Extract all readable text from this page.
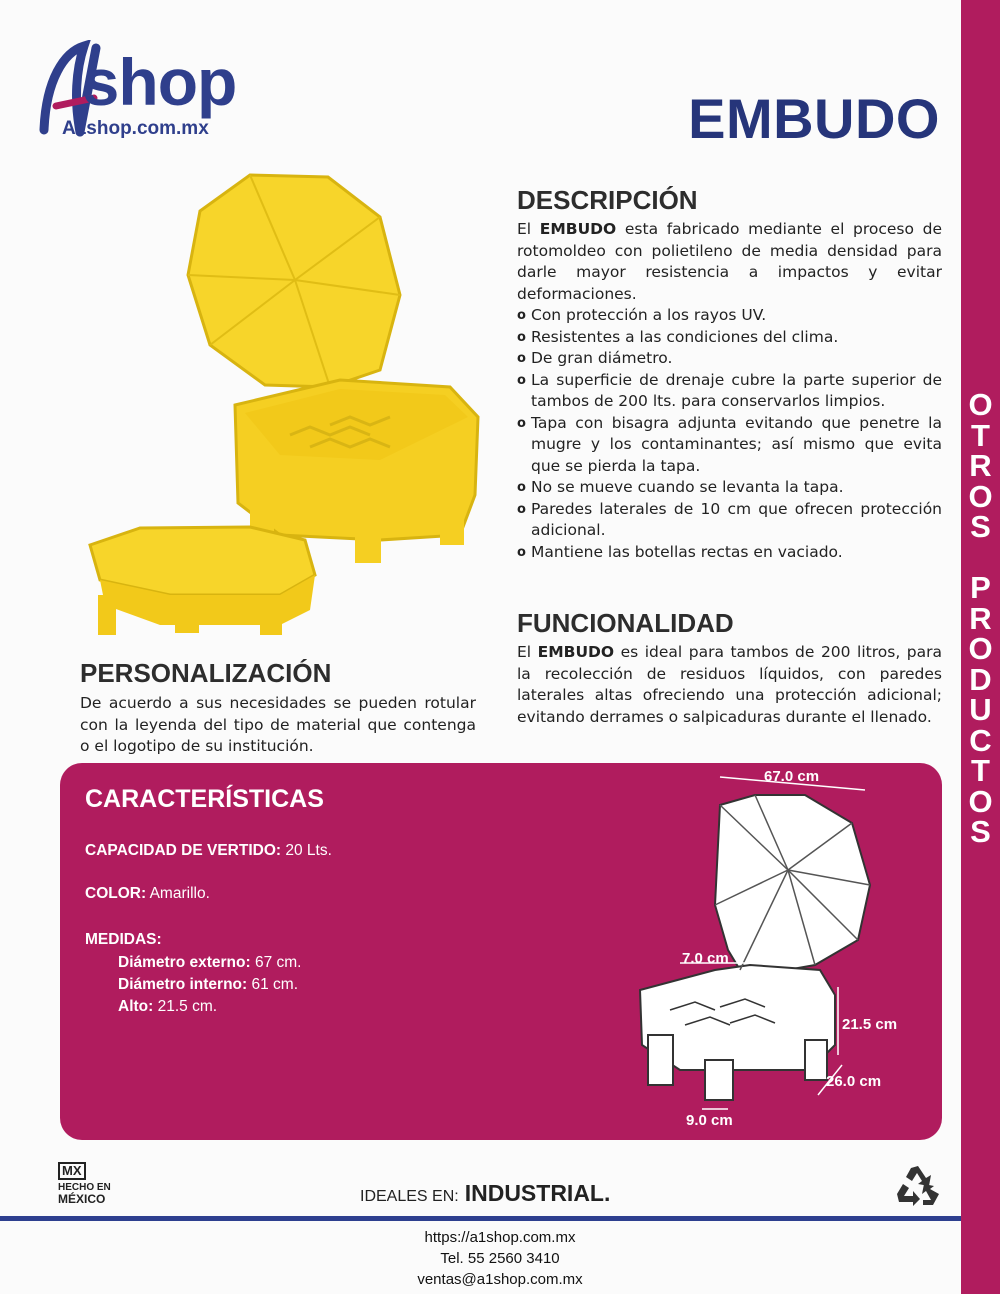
O
T
R
O
S

P
R
O
D
U
C
T
O
S
shop
A1shop.com.mx	EMBUDO
DESCRIPCIÓN
El EMBUDO esta fabricado mediante el proceso de rotomoldeo con polietileno de media densidad para darle mayor resistencia a impactos y evitar deformaciones.
o Con protección a los rayos UV.
o Resistentes a las condiciones del clima.
o De gran diámetro.
o La superficie de drenaje cubre la parte superior de tambos de 200 lts. para conservarlos limpios.
o Tapa con bisagra adjunta evitando que penetre la mugre y los contaminantes; así mismo que evita que se pierda la tapa.
o No se mueve cuando se levanta la tapa.
o Paredes laterales de 10 cm que ofrecen protección adicional.
o Mantiene las botellas rectas en vaciado.
FUNCIONALIDAD
El EMBUDO es ideal para tambos de 200 litros, para la recolección de residuos líquidos, con paredes laterales altas ofreciendo una protección adicional; evitando derrames o salpicaduras durante el llenado.
PERSONALIZACIÓN
De acuerdo a sus necesidades se pueden rotular con la leyenda del tipo de material que contenga o el logotipo de su institución.
CARACTERÍSTICAS
CAPACIDAD DE VERTIDO: 20 Lts.
COLOR: Amarillo.
MEDIDAS:
Diámetro externo: 67 cm.
Diámetro interno: 61 cm.
Alto: 21.5 cm.
67.0 cm
7.0 cm
21.5 cm
26.0 cm
9.0 cm
MX
HECHO EN
MÉXICO	IDEALES EN: INDUSTRIAL.
https://a1shop.com.mx
Tel. 55 2560 3410
ventas@a1shop.com.mx
